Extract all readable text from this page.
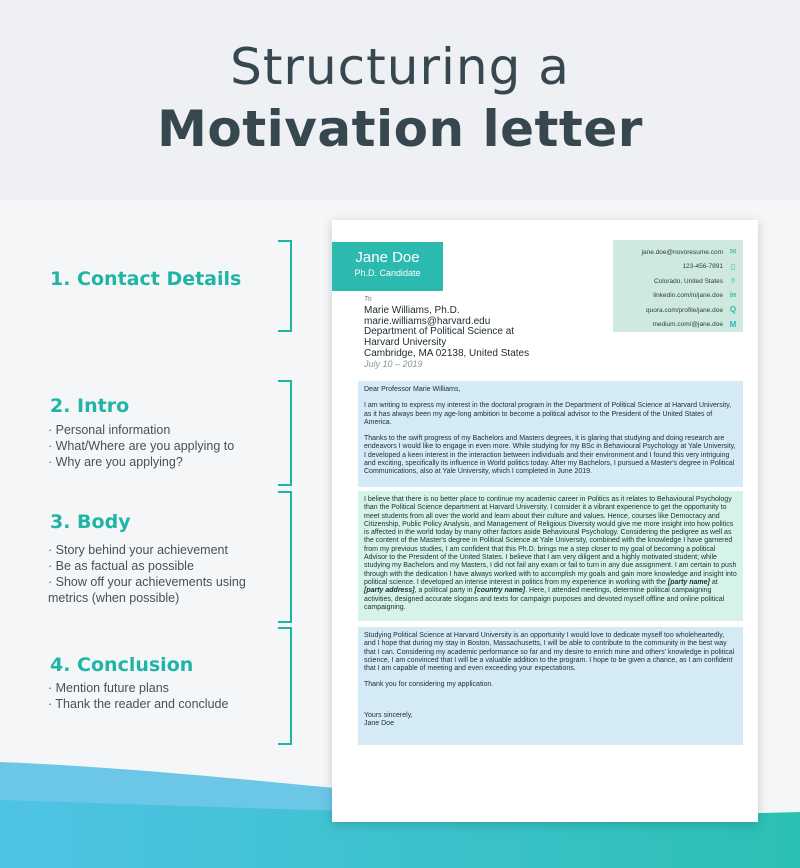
Structuring a
Motivation letter
1. Contact Details
2. Intro
· Personal information
· What/Where are you applying to
· Why are you applying?
3. Body
· Story behind your achievement
· Be as factual as possible
· Show off your achievements using metrics (when possible)
4. Conclusion
· Mention future plans
· Thank the reader and conclude
Jane Doe
Ph.D. Candidate
jane.doe@novoresume.com ✉
123-456-7891 ▯
Colorado, United States ⌾
linkedin.com/in/jane.doe in
quora.com/profile/jane.doe Q
medium.com/@jane.doe M
To
Marie Williams, Ph.D.
marie.williams@harvard.edu
Department of Political Science at
Harvard University
Cambridge, MA 02138, United States
July 10 – 2019

Dear Professor Marie Williams,

I am writing to express my interest in the doctoral program in the Department of Political Science at Harvard University, as it has always been my age-long ambition to become a political advisor to the President of the United States of America.

Thanks to the swift progress of my Bachelors and Masters degrees, it is glaring that studying and doing research are endeavors I would like to engage in even more. While studying for my BSc in Behavioural Psychology at Yale University, I developed a keen interest in the interaction between individuals and their environment and I found this very intriguing and exciting, specifically its influence in World politics today. After my Bachelors, I pursued a Master's degree in Political Communications, also at Yale University, which I completed in June 2019.

I believe that there is no better place to continue my academic career in Politics as it relates to Behavioural Psychology than the Political Science department at Harvard University. I consider it a vibrant experience to get the opportunity to meet students from all over the world and learn about their culture and values. Hence, courses like Democracy and Citizenship, Public Policy Analysis, and Management of Religious Diversity would give me more insight into how politics is affected in the world today by many other factors aside Behavioural Psychology. Considering the pedigree as well as the content of the Master's degree in Political Science at Yale University, combined with the knowledge I have garnered from my previous studies, I am confident that this Ph.D. brings me a step closer to my goal of becoming a political Advisor to the President of the United States. I believe that I am very diligent and a highly motivated student; while studying my Bachelors and my Masters, I did not fail any exam or fail to turn in any due assignment. I am certain to push through with the dedication I have always worked with to accomplish my goals and gain more knowledge and insight into political science. I developed an intense interest in politics from my experience in working with the [party name] at [party address], a political party in [country name]. Here, I attended meetings, determine political campaigning activities, designed accurate slogans and texts for campaign purposes and devoted myself offline and online political campaigning.

Studying Political Science at Harvard University is an opportunity I would love to dedicate myself too wholeheartedly, and I hope that during my stay in Boston, Massachusetts, I will be able to contribute to the community in the best way that I can. Considering my academic performance so far and my desire to enrich mine and others' knowledge in political science, I am convinced that I will be a valuable addition to the program. I hope to be given a chance, as I am confident that I am capable of meeting and even exceeding your expectations.

Thank you for considering my application.

Yours sincerely,
Jane Doe
